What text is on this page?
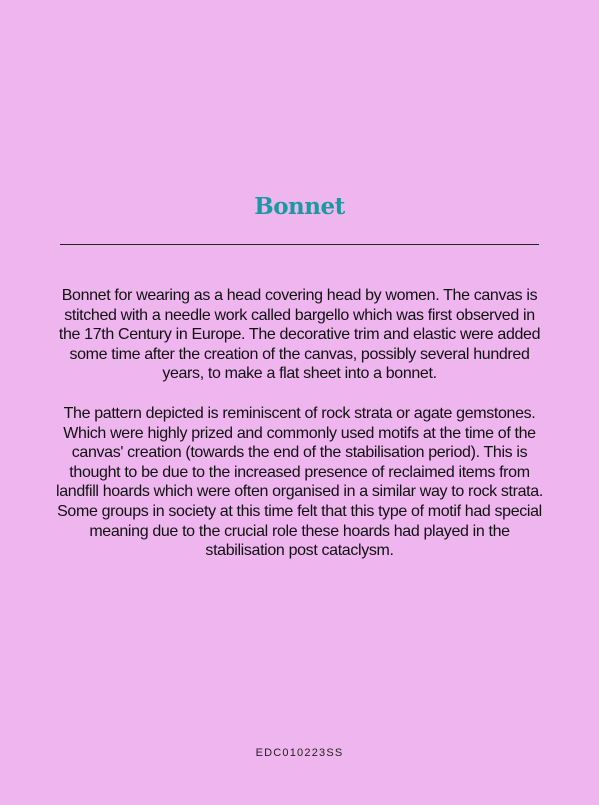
Bonnet

Bonnet for wearing as a head covering head by women. The canvas is stitched with a needle work called bargello which was first observed in the 17th Century in Europe. The decorative trim and elastic were added some time after the creation of the canvas, possibly several hundred years, to make a flat sheet into a bonnet.

The pattern depicted is reminiscent of rock strata or agate gemstones. Which were highly prized and commonly used motifs at the time of the canvas' creation (towards the end of the stabilisation period). This is thought to be due to the increased presence of reclaimed items from landfill hoards which were often organised in a similar way to rock strata. Some groups in society at this time felt that this type of motif had special meaning due to the crucial role these hoards had played in the stabilisation post cataclysm.

EDC010223SS
